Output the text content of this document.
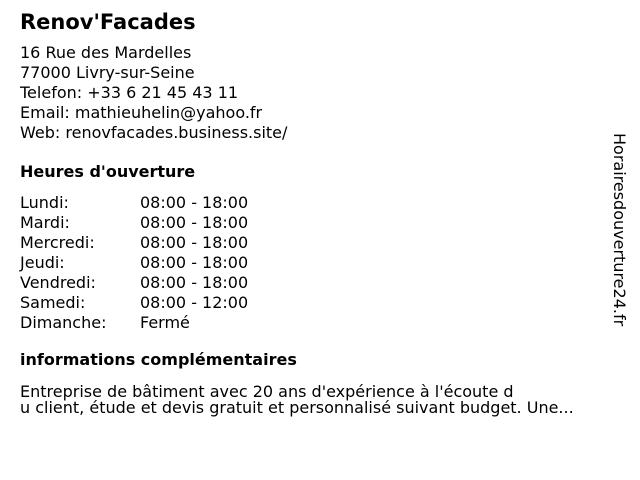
Renov'Facades
16 Rue des Mardelles
77000 Livry-sur-Seine
Telefon: +33 6 21 45 43 11
Email: mathieuhelin@yahoo.fr
Web: renovfacades.business.site/
Heures d'ouverture
Lundi:	08:00 - 18:00
Mardi:	08:00 - 18:00
Mercredi:	08:00 - 18:00
Jeudi:	08:00 - 18:00
Vendredi:	08:00 - 18:00
Samedi:	08:00 - 12:00
Dimanche:	Fermé
informations complémentaires
Entreprise de bâtiment avec 20 ans d'expérience à l'écoute d
u client, étude et devis gratuit et personnalisé suivant budget. Une...
Horairesdouverture24.fr
